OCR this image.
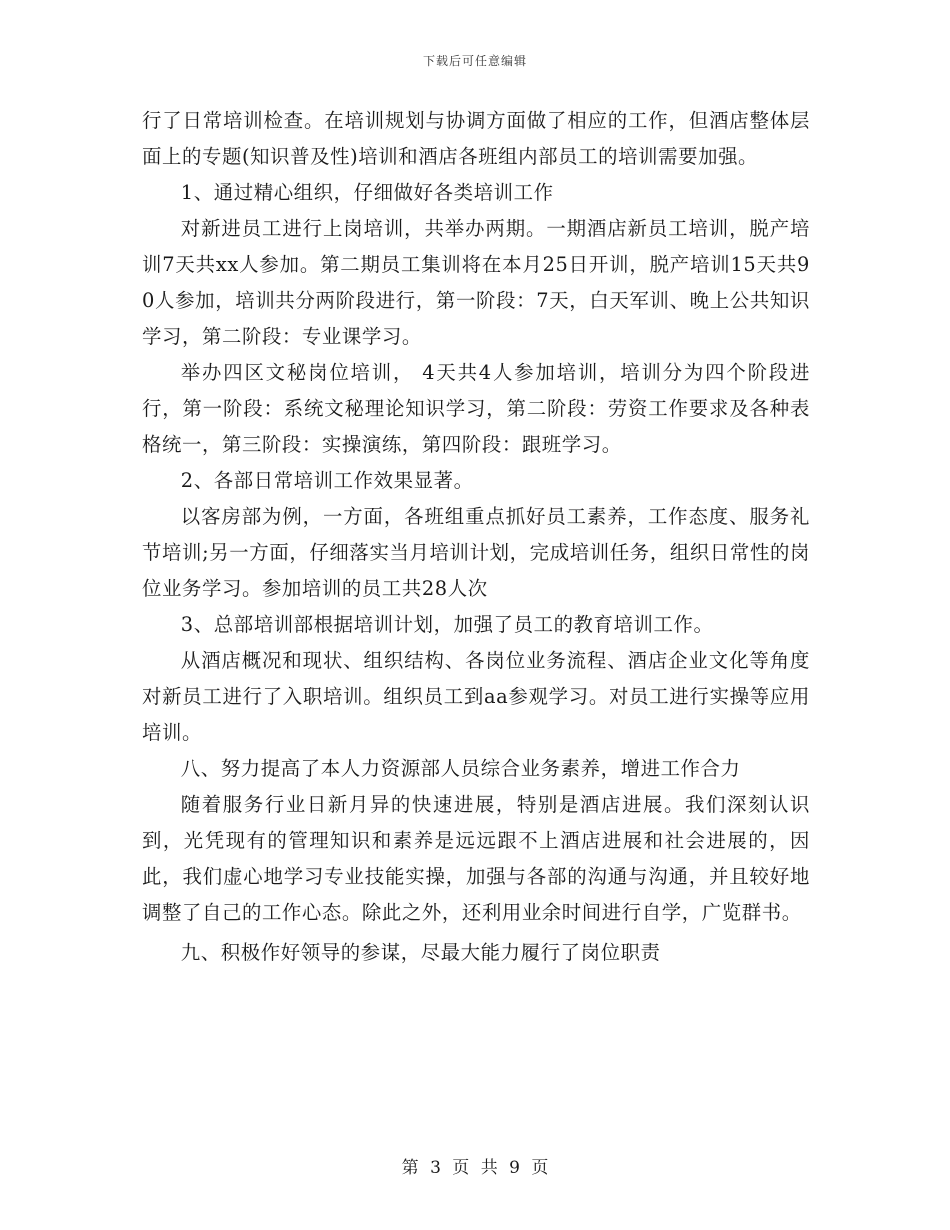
下载后可任意编辑

行了日常培训检查。在培训规划与协调方面做了相应的工作，但酒店整体层面上的专题(知识普及性)培训和酒店各班组内部员工的培训需要加强。

1、通过精心组织，仔细做好各类培训工作

对新进员工进行上岗培训，共举办两期。一期酒店新员工培训，脱产培训7天共xx人参加。第二期员工集训将在本月25日开训，脱产培训15天共90人参加，培训共分两阶段进行，第一阶段：7天，白天军训、晚上公共知识学习，第二阶段：专业课学习。

举办四区文秘岗位培训， 4天共4人参加培训，培训分为四个阶段进行，第一阶段：系统文秘理论知识学习，第二阶段：劳资工作要求及各种表格统一，第三阶段：实操演练，第四阶段：跟班学习。

2、各部日常培训工作效果显著。

以客房部为例，一方面，各班组重点抓好员工素养，工作态度、服务礼节培训;另一方面，仔细落实当月培训计划，完成培训任务，组织日常性的岗位业务学习。参加培训的员工共28人次

3、总部培训部根据培训计划，加强了员工的教育培训工作。

从酒店概况和现状、组织结构、各岗位业务流程、酒店企业文化等角度对新员工进行了入职培训。组织员工到aa参观学习。对员工进行实操等应用培训。

八、努力提高了本人力资源部人员综合业务素养，增进工作合力

随着服务行业日新月异的快速进展，特别是酒店进展。我们深刻认识到，光凭现有的管理知识和素养是远远跟不上酒店进展和社会进展的，因此，我们虚心地学习专业技能实操，加强与各部的沟通与沟通，并且较好地调整了自己的工作心态。除此之外，还利用业余时间进行自学，广览群书。

九、积极作好领导的参谋，尽最大能力履行了岗位职责

第 3 页 共 9 页
